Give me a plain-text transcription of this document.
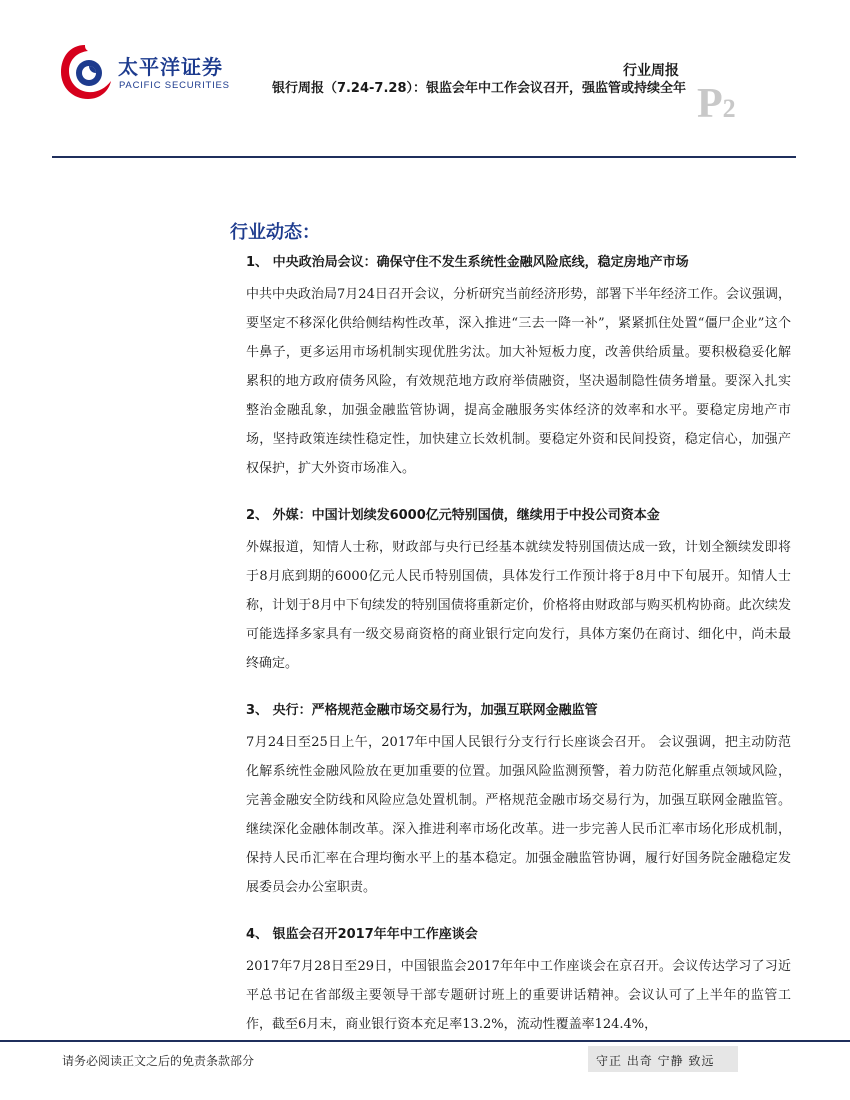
太平洋证券
PACIFIC SECURITIES
行业周报
银行周报（7.24-7.28）：银监会年中工作会议召开，强监管或持续全年 P2
行业动态：
1、 中央政治局会议：确保守住不发生系统性金融风险底线，稳定房地产市场

中共中央政治局7月24日召开会议，分析研究当前经济形势，部署下半年经济工作。会议强调，要坚定不移深化供给侧结构性改革，深入推进“三去一降一补”，紧紧抓住处置“僵尸企业”这个牛鼻子，更多运用市场机制实现优胜劣汰。加大补短板力度，改善供给质量。要积极稳妥化解累积的地方政府债务风险，有效规范地方政府举债融资，坚决遏制隐性债务增量。要深入扎实整治金融乱象，加强金融监管协调，提高金融服务实体经济的效率和水平。要稳定房地产市场，坚持政策连续性稳定性，加快建立长效机制。要稳定外资和民间投资，稳定信心，加强产权保护，扩大外资市场准入。

2、 外媒：中国计划续发6000亿元特别国债，继续用于中投公司资本金

外媒报道，知情人士称，财政部与央行已经基本就续发特别国债达成一致，计划全额续发即将于8月底到期的6000亿元人民币特别国债，具体发行工作预计将于8月中下旬展开。知情人士称，计划于8月中下旬续发的特别国债将重新定价，价格将由财政部与购买机构协商。此次续发可能选择多家具有一级交易商资格的商业银行定向发行，具体方案仍在商讨、细化中，尚未最终确定。

3、 央行：严格规范金融市场交易行为，加强互联网金融监管

7月24日至25日上午，2017年中国人民银行分支行行长座谈会召开。 会议强调，把主动防范化解系统性金融风险放在更加重要的位置。加强风险监测预警，着力防范化解重点领域风险，完善金融安全防线和风险应急处置机制。严格规范金融市场交易行为，加强互联网金融监管。继续深化金融体制改革。深入推进利率市场化改革。进一步完善人民币汇率市场化形成机制，保持人民币汇率在合理均衡水平上的基本稳定。加强金融监管协调，履行好国务院金融稳定发展委员会办公室职责。

4、 银监会召开2017年年中工作座谈会

2017年7月28日至29日，中国银监会2017年年中工作座谈会在京召开。会议传达学习了习近平总书记在省部级主要领导干部专题研讨班上的重要讲话精神。会议认可了上半年的监管工作，截至6月末，商业银行资本充足率13.2%，流动性覆盖率124.4%，

请务必阅读正文之后的免责条款部分	守正 出奇 宁静 致远
